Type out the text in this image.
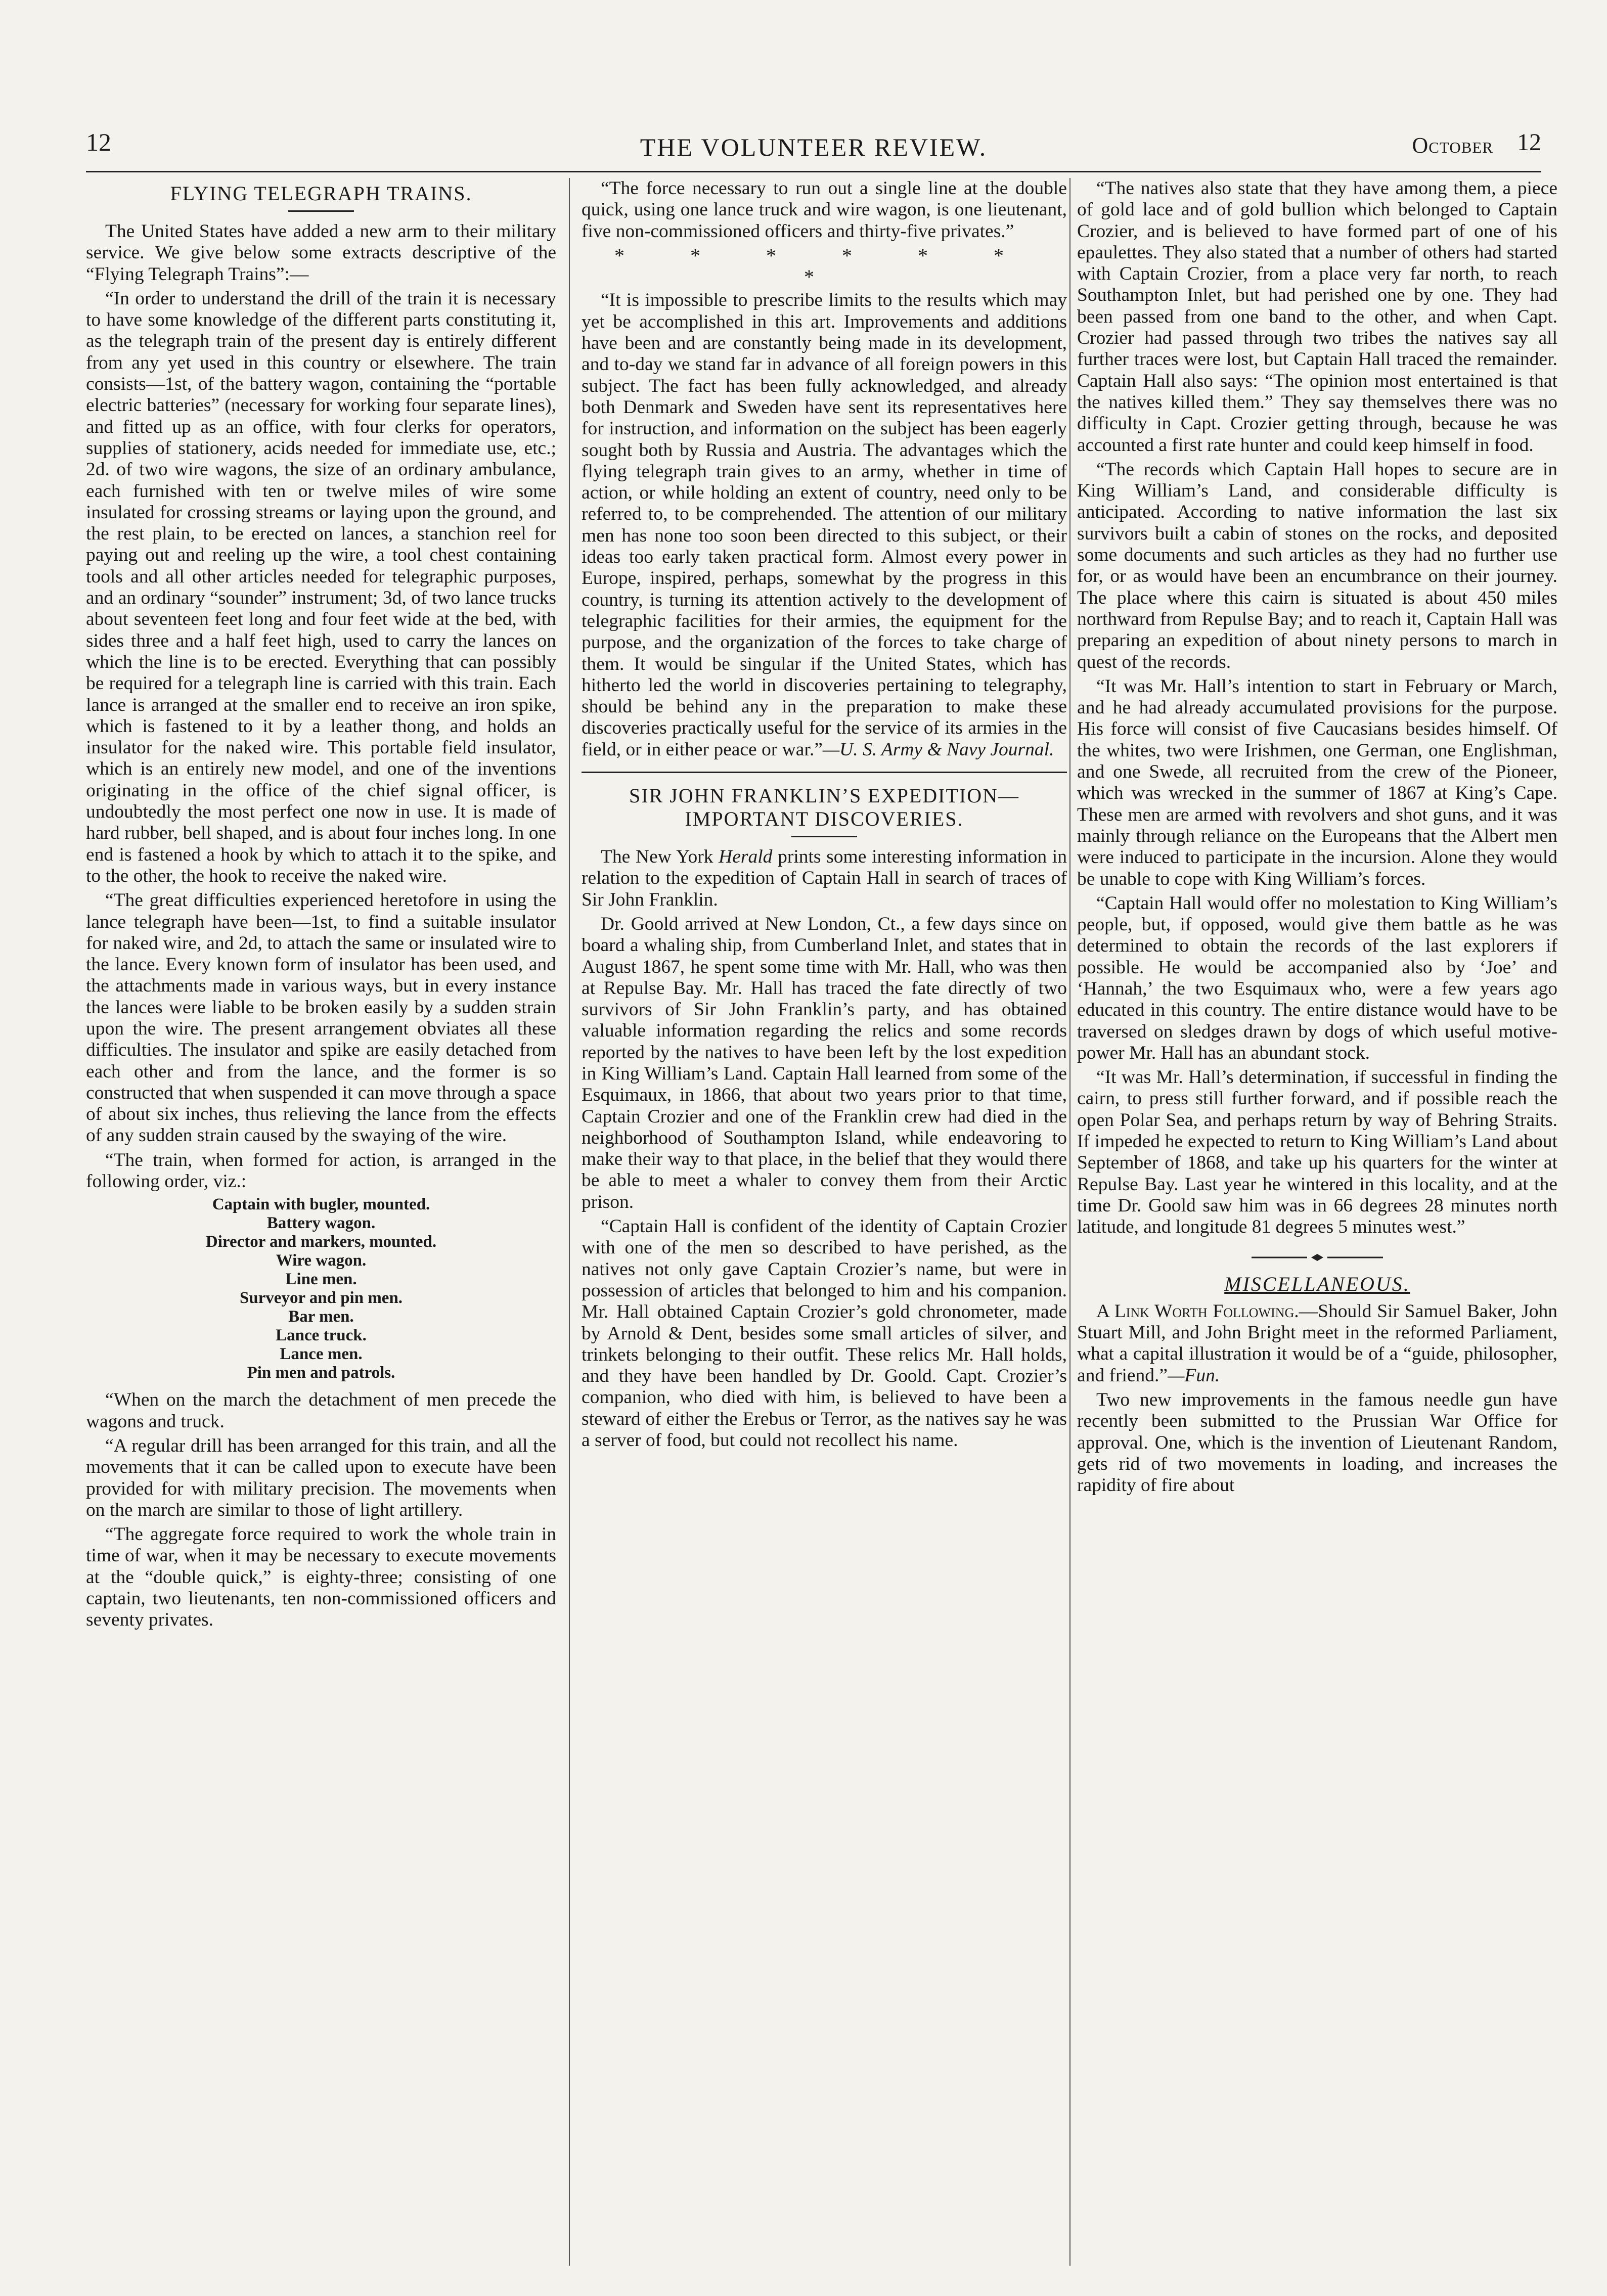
12	THE VOLUNTEER REVIEW.	October 12
FLYING TELEGRAPH TRAINS.

The United States have added a new arm to their military service. We give below some extracts descriptive of the “Flying Telegraph Trains”:—

“In order to understand the drill of the train it is necessary to have some knowledge of the different parts constituting it, as the telegraph train of the present day is entirely different from any yet used in this country or elsewhere. The train consists—1st, of the battery wagon, containing the “portable electric batteries” (necessary for working four separate lines), and fitted up as an office, with four clerks for operators, supplies of stationery, acids needed for immediate use, etc.; 2d. of two wire wagons, the size of an ordinary ambulance, each furnished with ten or twelve miles of wire some insulated for crossing streams or laying upon the ground, and the rest plain, to be erected on lances, a stanchion reel for paying out and reeling up the wire, a tool chest containing tools and all other articles needed for telegraphic purposes, and an ordinary “sounder” instrument; 3d, of two lance trucks about seventeen feet long and four feet wide at the bed, with sides three and a half feet high, used to carry the lances on which the line is to be erected. Everything that can possibly be required for a telegraph line is carried with this train. Each lance is arranged at the smaller end to receive an iron spike, which is fastened to it by a leather thong, and holds an insulator for the naked wire. This portable field insulator, which is an entirely new model, and one of the inventions originating in the office of the chief signal officer, is undoubtedly the most perfect one now in use. It is made of hard rubber, bell shaped, and is about four inches long. In one end is fastened a hook by which to attach it to the spike, and to the other, the hook to receive the naked wire.

“The great difficulties experienced heretofore in using the lance telegraph have been—1st, to find a suitable insulator for naked wire, and 2d, to attach the same or insulated wire to the lance. Every known form of insulator has been used, and the attachments made in various ways, but in every instance the lances were liable to be broken easily by a sudden strain upon the wire. The present arrangement obviates all these difficulties. The insulator and spike are easily detached from each other and from the lance, and the former is so constructed that when suspended it can move through a space of about six inches, thus relieving the lance from the effects of any sudden strain caused by the swaying of the wire.

“The train, when formed for action, is arranged in the following order, viz.:

Captain with bugler, mounted.
Battery wagon.
Director and markers, mounted.
Wire wagon.
Line men.
Surveyor and pin men.
Bar men.
Lance truck.
Lance men.
Pin men and patrols.

“When on the march the detachment of men precede the wagons and truck.

“A regular drill has been arranged for this train, and all the movements that it can be called upon to execute have been provided for with military precision. The movements when on the march are similar to those of light artillery.

“The aggregate force required to work the whole train in time of war, when it may be necessary to execute movements at the “double quick,” is eighty-three; consisting of one captain, two lieutenants, ten non-commissioned officers and seventy privates.

“The force necessary to run out a single line at the double quick, using one lance truck and wire wagon, is one lieutenant, five non-commissioned officers and thirty-five privates.”

* * * * * * *

“It is impossible to prescribe limits to the results which may yet be accomplished in this art. Improvements and additions have been and are constantly being made in its development, and to-day we stand far in advance of all foreign powers in this subject. The fact has been fully acknowledged, and already both Denmark and Sweden have sent its representatives here for instruction, and information on the subject has been eagerly sought both by Russia and Austria. The advantages which the flying telegraph train gives to an army, whether in time of action, or while holding an extent of country, need only to be referred to, to be comprehended. The attention of our military men has none too soon been directed to this subject, or their ideas too early taken practical form. Almost every power in Europe, inspired, perhaps, somewhat by the progress in this country, is turning its attention actively to the development of telegraphic facilities for their armies, the equipment for the purpose, and the organization of the forces to take charge of them. It would be singular if the United States, which has hitherto led the world in discoveries pertaining to telegraphy, should be behind any in the preparation to make these discoveries practically useful for the service of its armies in the field, or in either peace or war.”—U. S. Army & Navy Journal.

SIR JOHN FRANKLIN’S EXPEDITION—IMPORTANT DISCOVERIES.

The New York Herald prints some interesting information in relation to the expedition of Captain Hall in search of traces of Sir John Franklin.

Dr. Goold arrived at New London, Ct., a few days since on board a whaling ship, from Cumberland Inlet, and states that in August 1867, he spent some time with Mr. Hall, who was then at Repulse Bay. Mr. Hall has traced the fate directly of two survivors of Sir John Franklin’s party, and has obtained valuable information regarding the relics and some records reported by the natives to have been left by the lost expedition in King William’s Land. Captain Hall learned from some of the Esquimaux, in 1866, that about two years prior to that time, Captain Crozier and one of the Franklin crew had died in the neighborhood of Southampton Island, while endeavoring to make their way to that place, in the belief that they would there be able to meet a whaler to convey them from their Arctic prison.

“Captain Hall is confident of the identity of Captain Crozier with one of the men so described to have perished, as the natives not only gave Captain Crozier’s name, but were in possession of articles that belonged to him and his companion. Mr. Hall obtained Captain Crozier’s gold chronometer, made by Arnold & Dent, besides some small articles of silver, and trinkets belonging to their outfit. These relics Mr. Hall holds, and they have been handled by Dr. Goold. Capt. Crozier’s companion, who died with him, is believed to have been a steward of either the Erebus or Terror, as the natives say he was a server of food, but could not recollect his name.

“The natives also state that they have among them, a piece of gold lace and of gold bullion which belonged to Captain Crozier, and is believed to have formed part of one of his epaulettes. They also stated that a number of others had started with Captain Crozier, from a place very far north, to reach Southampton Inlet, but had perished one by one. They had been passed from one band to the other, and when Capt. Crozier had passed through two tribes the natives say all further traces were lost, but Captain Hall traced the remainder. Captain Hall also says: “The opinion most entertained is that the natives killed them.” They say themselves there was no difficulty in Capt. Crozier getting through, because he was accounted a first rate hunter and could keep himself in food.

“The records which Captain Hall hopes to secure are in King William’s Land, and considerable difficulty is anticipated. According to native information the last six survivors built a cabin of stones on the rocks, and deposited some documents and such articles as they had no further use for, or as would have been an encumbrance on their journey. The place where this cairn is situated is about 450 miles northward from Repulse Bay; and to reach it, Captain Hall was preparing an expedition of about ninety persons to march in quest of the records.

“It was Mr. Hall’s intention to start in February or March, and he had already accumulated provisions for the purpose. His force will consist of five Caucasians besides himself. Of the whites, two were Irishmen, one German, one Englishman, and one Swede, all recruited from the crew of the Pioneer, which was wrecked in the summer of 1867 at King’s Cape. These men are armed with revolvers and shot guns, and it was mainly through reliance on the Europeans that the Albert men were induced to participate in the incursion. Alone they would be unable to cope with King William’s forces.

“Captain Hall would offer no molestation to King William’s people, but, if opposed, would give them battle as he was determined to obtain the records of the last explorers if possible. He would be accompanied also by ‘Joe’ and ‘Hannah,’ the two Esquimaux who, were a few years ago educated in this country. The entire distance would have to be traversed on sledges drawn by dogs of which useful motive-power Mr. Hall has an abundant stock.

“It was Mr. Hall’s determination, if successful in finding the cairn, to press still further forward, and if possible reach the open Polar Sea, and perhaps return by way of Behring Straits. If impeded he expected to return to King William’s Land about September of 1868, and take up his quarters for the winter at Repulse Bay. Last year he wintered in this locality, and at the time Dr. Goold saw him was in 66 degrees 28 minutes north latitude, and longitude 81 degrees 5 minutes west.”

MISCELLANEOUS.

A Link Worth Following.—Should Sir Samuel Baker, John Stuart Mill, and John Bright meet in the reformed Parliament, what a capital illustration it would be of a “guide, philosopher, and friend.”—Fun.

Two new improvements in the famous needle gun have recently been submitted to the Prussian War Office for approval. One, which is the invention of Lieutenant Random, gets rid of two movements in loading, and increases the rapidity of fire about
